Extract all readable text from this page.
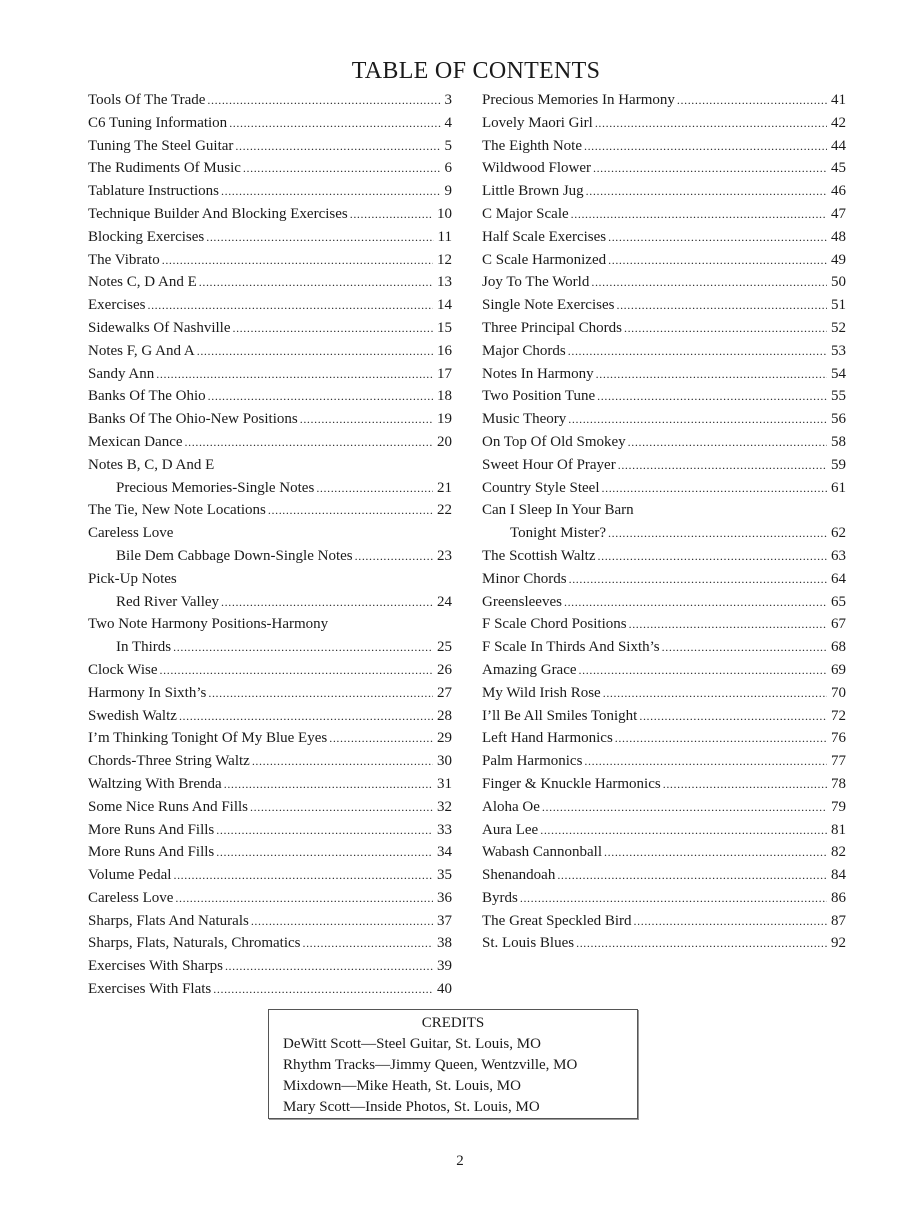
TABLE OF CONTENTS
Tools Of The Trade .....	3
C6 Tuning Information .....	4
Tuning The Steel Guitar .....	5
The Rudiments Of Music .....	6
Tablature Instructions .....	9
Technique Builder And Blocking Exercises .....	10
Blocking Exercises .....	11
The Vibrato .....	12
Notes C, D And E .....	13
Exercises .....	14
Sidewalks Of Nashville .....	15
Notes F, G And A .....	16
Sandy Ann .....	17
Banks Of The Ohio .....	18
Banks Of The Ohio-New Positions .....	19
Mexican Dance .....	20
Notes B, C, D And E
Precious Memories-Single Notes .....	21
The Tie, New Note Locations .....	22
Careless Love
Bile Dem Cabbage Down-Single Notes .....	23
Pick-Up Notes
Red River Valley .....	24
Two Note Harmony Positions-Harmony
In Thirds .....	25
Clock Wise .....	26
Harmony In Sixth’s .....	27
Swedish Waltz .....	28
I’m Thinking Tonight Of My Blue Eyes .....	29
Chords-Three String Waltz .....	30
Waltzing With Brenda .....	31
Some Nice Runs And Fills .....	32
More Runs And Fills .....	33
More Runs And Fills .....	34
Volume Pedal .....	35
Careless Love .....	36
Sharps, Flats And Naturals .....	37
Sharps, Flats, Naturals, Chromatics .....	38
Exercises With Sharps .....	39
Exercises With Flats .....	40
Precious Memories In Harmony .....	41
Lovely Maori Girl .....	42
The Eighth Note .....	44
Wildwood Flower .....	45
Little Brown Jug .....	46
C Major Scale .....	47
Half Scale Exercises .....	48
C Scale Harmonized .....	49
Joy To The World .....	50
Single Note Exercises .....	51
Three Principal Chords .....	52
Major Chords .....	53
Notes In Harmony .....	54
Two Position Tune .....	55
Music Theory .....	56
On Top Of Old Smokey .....	58
Sweet Hour Of Prayer .....	59
Country Style Steel .....	61
Can I Sleep In Your Barn
Tonight Mister? .....	62
The Scottish Waltz .....	63
Minor Chords .....	64
Greensleeves .....	65
F Scale Chord Positions .....	67
F Scale In Thirds And Sixth’s .....	68
Amazing Grace .....	69
My Wild Irish Rose .....	70
I’ll Be All Smiles Tonight .....	72
Left Hand Harmonics .....	76
Palm Harmonics .....	77
Finger & Knuckle Harmonics .....	78
Aloha Oe .....	79
Aura Lee .....	81
Wabash Cannonball .....	82
Shenandoah .....	84
Byrds .....	86
The Great Speckled Bird .....	87
St. Louis Blues .....	92
CREDITS
DeWitt Scott—Steel Guitar, St. Louis, MO
Rhythm Tracks—Jimmy Queen, Wentzville, MO
Mixdown—Mike Heath, St. Louis, MO
Mary Scott—Inside Photos, St. Louis, MO
2
